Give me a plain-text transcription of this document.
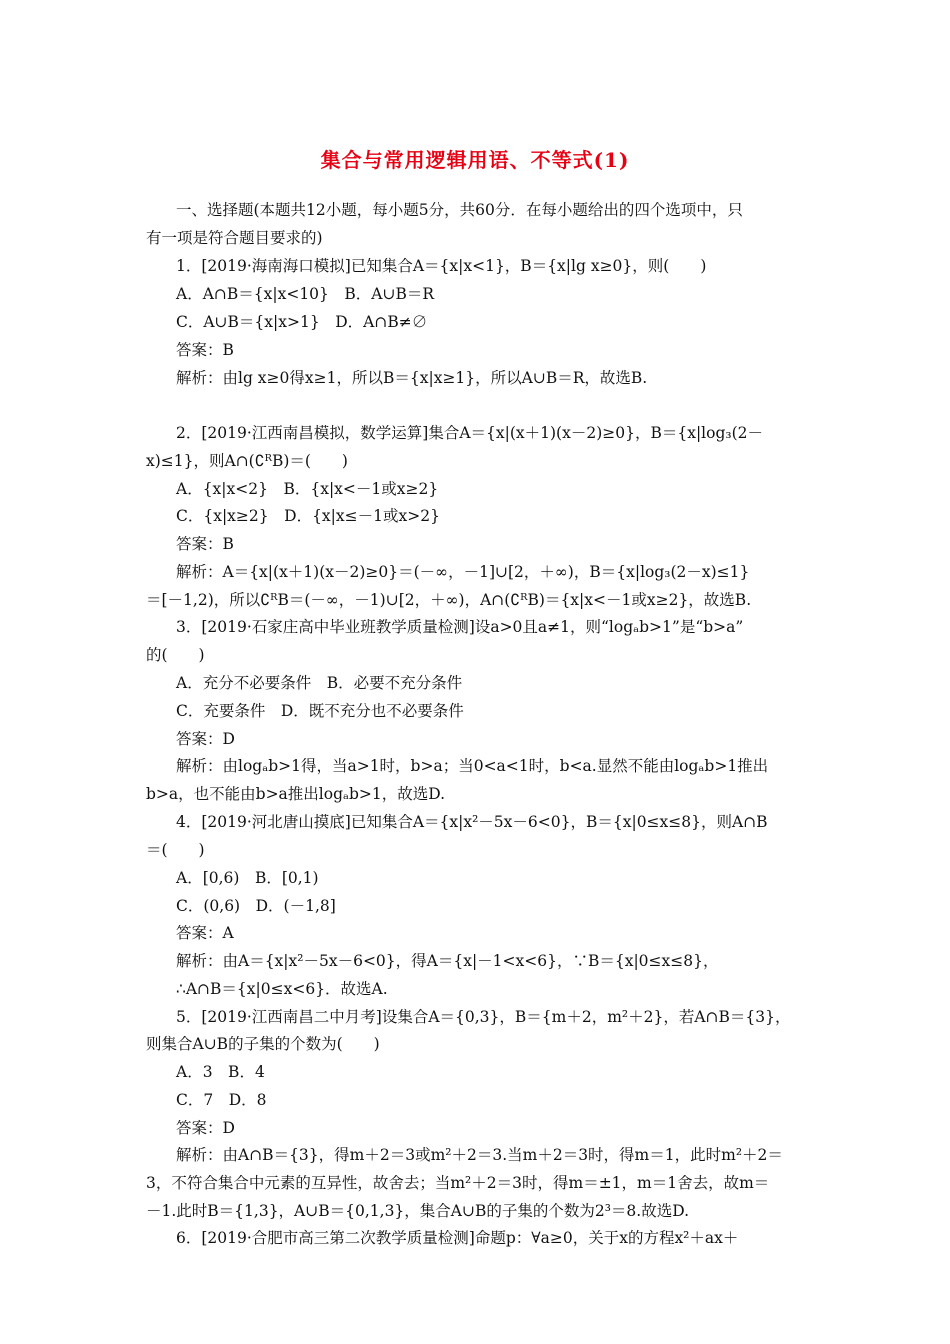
集合与常用逻辑用语、不等式(1)
一、选择题(本题共12小题，每小题5分，共60分．在每小题给出的四个选项中，只
有一项是符合题目要求的)
1．[2019·海南海口模拟]已知集合A＝{x|x<1}，B＝{x|lg x≥0}，则(　　)
A．A∩B＝{x|x<10}　B．A∪B＝R
C．A∪B＝{x|x>1}　D．A∩B≠∅
答案：B
解析：由lg x≥0得x≥1，所以B＝{x|x≥1}，所以A∪B＝R，故选B.
2．[2019·江西南昌模拟，数学运算]集合A＝{x|(x＋1)(x－2)≥0}，B＝{x|log₃(2－
x)≤1}，则A∩(∁ᴿB)＝(　　)
A．{x|x<2}　B．{x|x<－1或x≥2}
C．{x|x≥2}　D．{x|x≤－1或x>2}
答案：B
解析：A＝{x|(x＋1)(x－2)≥0}＝(－∞，－1]∪[2，＋∞)，B＝{x|log₃(2－x)≤1}
＝[－1,2)，所以∁ᴿB＝(－∞，－1)∪[2，＋∞)，A∩(∁ᴿB)＝{x|x<－1或x≥2}，故选B.
3．[2019·石家庄高中毕业班教学质量检测]设a>0且a≠1，则“logₐb>1”是“b>a”
的(　　)
A．充分不必要条件　B．必要不充分条件
C．充要条件　D．既不充分也不必要条件
答案：D
解析：由logₐb>1得，当a>1时，b>a；当0<a<1时，b<a.显然不能由logₐb>1推出
b>a，也不能由b>a推出logₐb>1，故选D.
4．[2019·河北唐山摸底]已知集合A＝{x|x²－5x－6<0}，B＝{x|0≤x≤8}，则A∩B
＝(　　)
A．[0,6)　B．[0,1)
C．(0,6)　D．(－1,8]
答案：A
解析：由A＝{x|x²－5x－6<0}，得A＝{x|－1<x<6}，∵B＝{x|0≤x≤8}，
∴A∩B＝{x|0≤x<6}．故选A.
5．[2019·江西南昌二中月考]设集合A＝{0,3}，B＝{m＋2，m²＋2}，若A∩B＝{3}，
则集合A∪B的子集的个数为(　　)
A．3　B．4
C．7　D．8
答案：D
解析：由A∩B＝{3}，得m＋2＝3或m²＋2＝3.当m＋2＝3时，得m＝1，此时m²＋2＝
3，不符合集合中元素的互异性，故舍去；当m²＋2＝3时，得m＝±1，m＝1舍去，故m＝
－1.此时B＝{1,3}，A∪B＝{0,1,3}，集合A∪B的子集的个数为2³＝8.故选D.
6．[2019·合肥市高三第二次教学质量检测]命题p：∀a≥0，关于x的方程x²＋ax＋
